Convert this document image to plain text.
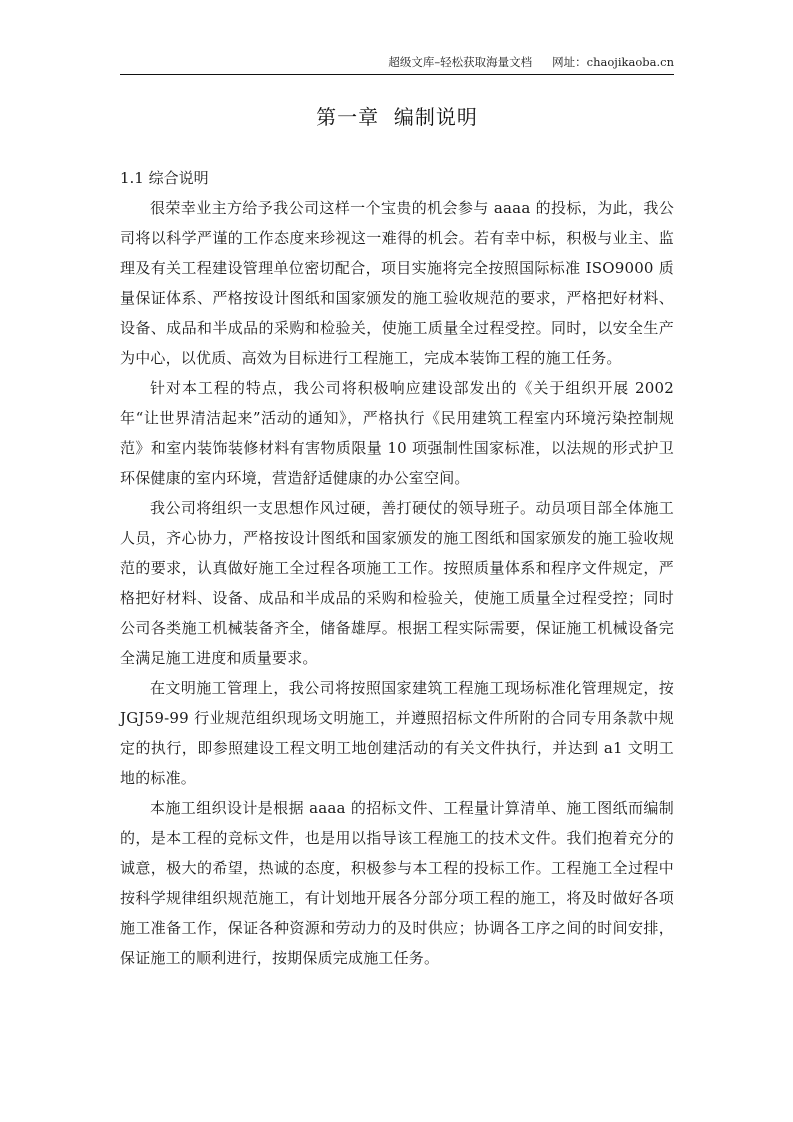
超级文库–轻松获取海量文档 网址：chaojikaoba.cn
第一章  编制说明
1.1 综合说明

很荣幸业主方给予我公司这样一个宝贵的机会参与 aaaa 的投标，为此，我公司将以科学严谨的工作态度来珍视这一难得的机会。若有幸中标，积极与业主、监理及有关工程建设管理单位密切配合，项目实施将完全按照国际标准 ISO9000 质量保证体系、严格按设计图纸和国家颁发的施工验收规范的要求，严格把好材料、设备、成品和半成品的采购和检验关，使施工质量全过程受控。同时，以安全生产为中心，以优质、高效为目标进行工程施工，完成本装饰工程的施工任务。

针对本工程的特点，我公司将积极响应建设部发出的《关于组织开展 2002 年“让世界清洁起来”活动的通知》，严格执行《民用建筑工程室内环境污染控制规范》和室内装饰装修材料有害物质限量 10 项强制性国家标准，以法规的形式护卫环保健康的室内环境，营造舒适健康的办公室空间。

我公司将组织一支思想作风过硬，善打硬仗的领导班子。动员项目部全体施工人员，齐心协力，严格按设计图纸和国家颁发的施工图纸和国家颁发的施工验收规范的要求，认真做好施工全过程各项施工工作。按照质量体系和程序文件规定，严格把好材料、设备、成品和半成品的采购和检验关，使施工质量全过程受控；同时公司各类施工机械装备齐全，储备雄厚。根据工程实际需要，保证施工机械设备完全满足施工进度和质量要求。

在文明施工管理上，我公司将按照国家建筑工程施工现场标准化管理规定，按 JGJ59-99 行业规范组织现场文明施工，并遵照招标文件所附的合同专用条款中规定的执行，即参照建设工程文明工地创建活动的有关文件执行，并达到 a1 文明工地的标准。

本施工组织设计是根据 aaaa 的招标文件、工程量计算清单、施工图纸而编制的，是本工程的竞标文件，也是用以指导该工程施工的技术文件。我们抱着充分的诚意，极大的希望，热诚的态度，积极参与本工程的投标工作。工程施工全过程中按科学规律组织规范施工，有计划地开展各分部分项工程的施工，将及时做好各项施工准备工作，保证各种资源和劳动力的及时供应；协调各工序之间的时间安排，保证施工的顺利进行，按期保质完成施工任务。
